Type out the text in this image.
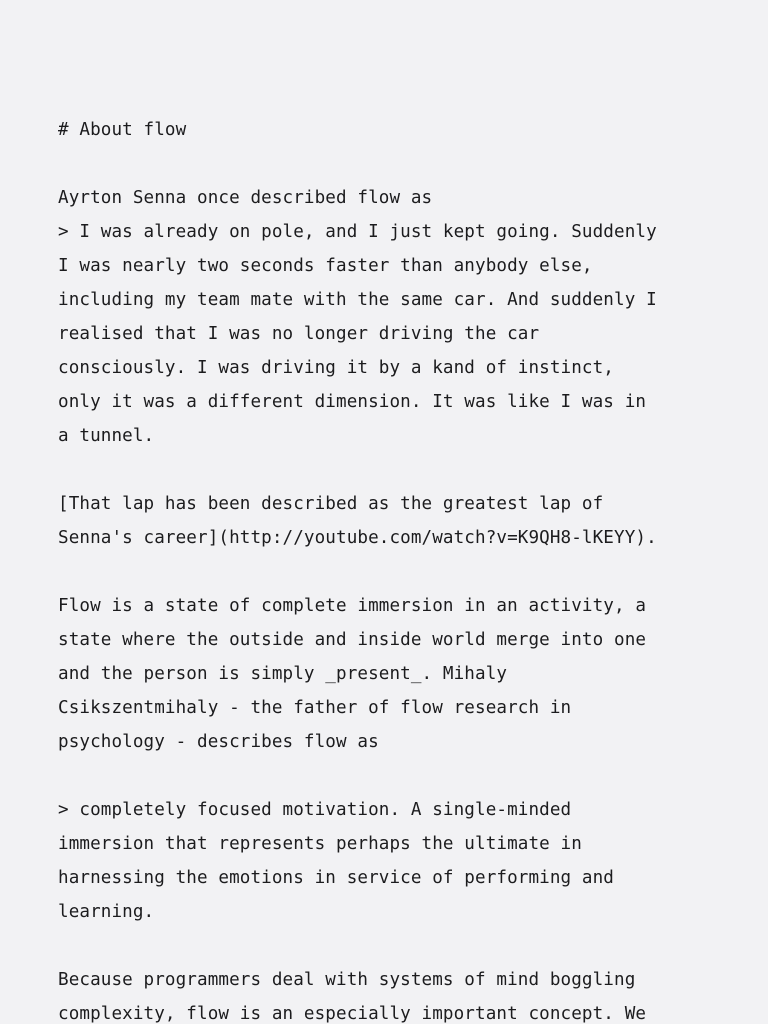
# About flow
Ayrton Senna once described flow as
> I was already on pole, and I just kept going. Suddenly
I was nearly two seconds faster than anybody else,
including my team mate with the same car. And suddenly I
realised that I was no longer driving the car
consciously. I was driving it by a kand of instinct,
only it was a different dimension. It was like I was in
a tunnel.
[That lap has been described as the greatest lap of
Senna's career](http://youtube.com/watch?v=K9QH8-lKEYY).
Flow is a state of complete immersion in an activity, a
state where the outside and inside world merge into one
and the person is simply _present_. Mihaly
Csikszentmihaly - the father of flow research in
psychology - describes flow as
> completely focused motivation. A single-minded
immersion that represents perhaps the ultimate in
harnessing the emotions in service of performing and
learning.
Because programmers deal with systems of mind boggling
complexity, flow is an especially important concept. We
